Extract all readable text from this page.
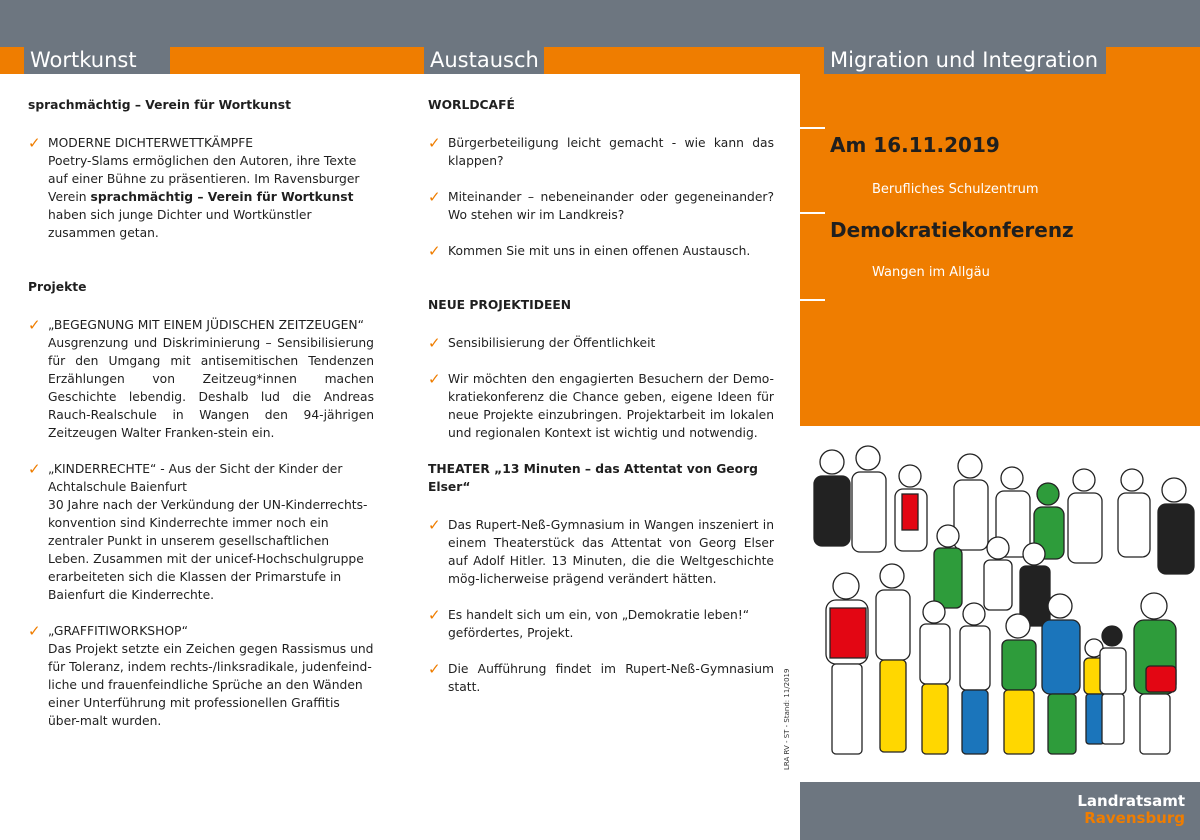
Wortkunst	Austausch	Migration und Integration
sprachmächtig – Verein für Wortkunst
✓ MODERNE DICHTERWETTKÄMPFE

Poetry-Slams ermöglichen den Autoren, ihre Texte auf einer Bühne zu präsentieren. Im Ravensburger Verein sprachmächtig – Verein für Wortkunst haben sich junge Dichter und Wortkünstler zusammen getan.

Projekte
✓ „BEGEGNUNG MIT EINEM JÜDISCHEN ZEITZEUGEN“

Ausgrenzung und Diskriminierung – Sensibilisierung für den Umgang mit antisemitischen Tendenzen Erzählungen von Zeitzeug*innen machen Geschichte lebendig. Deshalb lud die Andreas Rauch-Realschule in Wangen den 94-jährigen Zeitzeugen Walter Franken-stein ein.

✓ „KINDERRECHTE“ - Aus der Sicht der Kinder der Achtalschule Baienfurt

30 Jahre nach der Verkündung der UN-Kinderrechts-konvention sind Kinderrechte immer noch ein zentraler Punkt in unserem gesellschaftlichen Leben. Zusammen mit der unicef-Hochschulgruppe erarbeiteten sich die Klassen der Primarstufe in Baienfurt die Kinderrechte.

✓ „GRAFFITIWORKSHOP“

Das Projekt setzte ein Zeichen gegen Rassismus und für Toleranz, indem rechts-/linksradikale, judenfeind-liche und frauenfeindliche Sprüche an den Wänden einer Unterführung mit professionellen Graffitis über-malt wurden.

WORLDCAFÉ
✓ Bürgerbeteiligung leicht gemacht - wie kann das klappen?

✓ Miteinander – nebeneinander oder gegeneinander? Wo stehen wir im Landkreis?

✓ Kommen Sie mit uns in einen offenen Austausch.

NEUE PROJEKTIDEEN
✓ Sensibilisierung der Öffentlichkeit

✓ Wir möchten den engagierten Besuchern der Demo-kratiekonferenz die Chance geben, eigene Ideen für neue Projekte einzubringen. Projektarbeit im lokalen und regionalen Kontext ist wichtig und notwendig.

THEATER „13 Minuten – das Attentat von Georg Elser“
✓ Das Rupert-Neß-Gymnasium in Wangen inszeniert in einem Theaterstück das Attentat von Georg Elser auf Adolf Hitler. 13 Minuten, die die Weltgeschichte mög-licherweise prägend verändert hätten.

✓ Es handelt sich um ein, von „Demokratie leben!“ gefördertes, Projekt.

✓ Die Aufführung findet im Rupert-Neß-Gymnasium statt.

Am 16.11.2019
Berufliches Schulzentrum
Demokratiekonferenz
Wangen im Allgäu
LRA RV - ST - Stand: 11/2019
Landratsamt
Ravensburg
